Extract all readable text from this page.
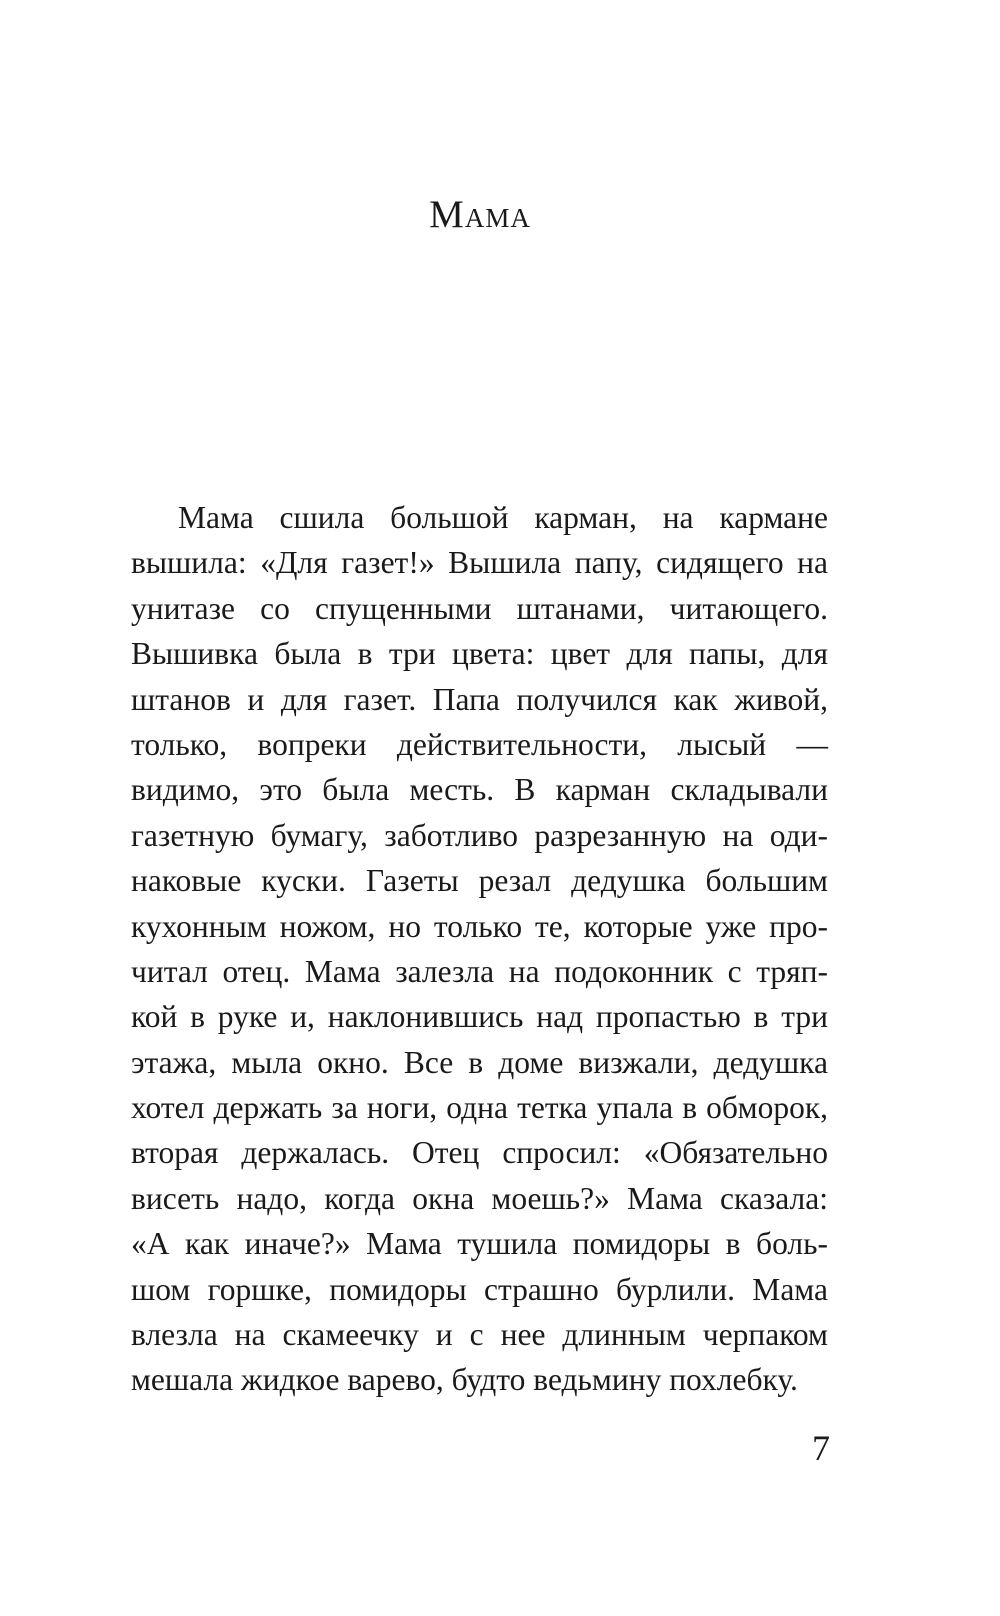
Мама
Мама сшила большой карман, на кармане
вышила: «Для газет!» Вышила папу, сидящего на
унитазе со спущенными штанами, читающего.
Вышивка была в три цвета: цвет для папы, для
штанов и для газет. Папа получился как живой,
только, вопреки действительности, лысый —
видимо, это была месть. В карман складывали
газетную бумагу, заботливо разрезанную на оди-
наковые куски. Газеты резал дедушка большим
кухонным ножом, но только те, которые уже про-
читал отец. Мама залезла на подоконник с тряп-
кой в руке и, наклонившись над пропастью в три
этажа, мыла окно. Все в доме визжали, дедушка
хотел держать за ноги, одна тетка упала в обморок,
вторая держалась. Отец спросил: «Обязательно
висеть надо, когда окна моешь?» Мама сказала:
«А как иначе?» Мама тушила помидоры в боль-
шом горшке, помидоры страшно бурлили. Мама
влезла на скамеечку и с нее длинным черпаком
мешала жидкое варево, будто ведьмину похлебку.
7
